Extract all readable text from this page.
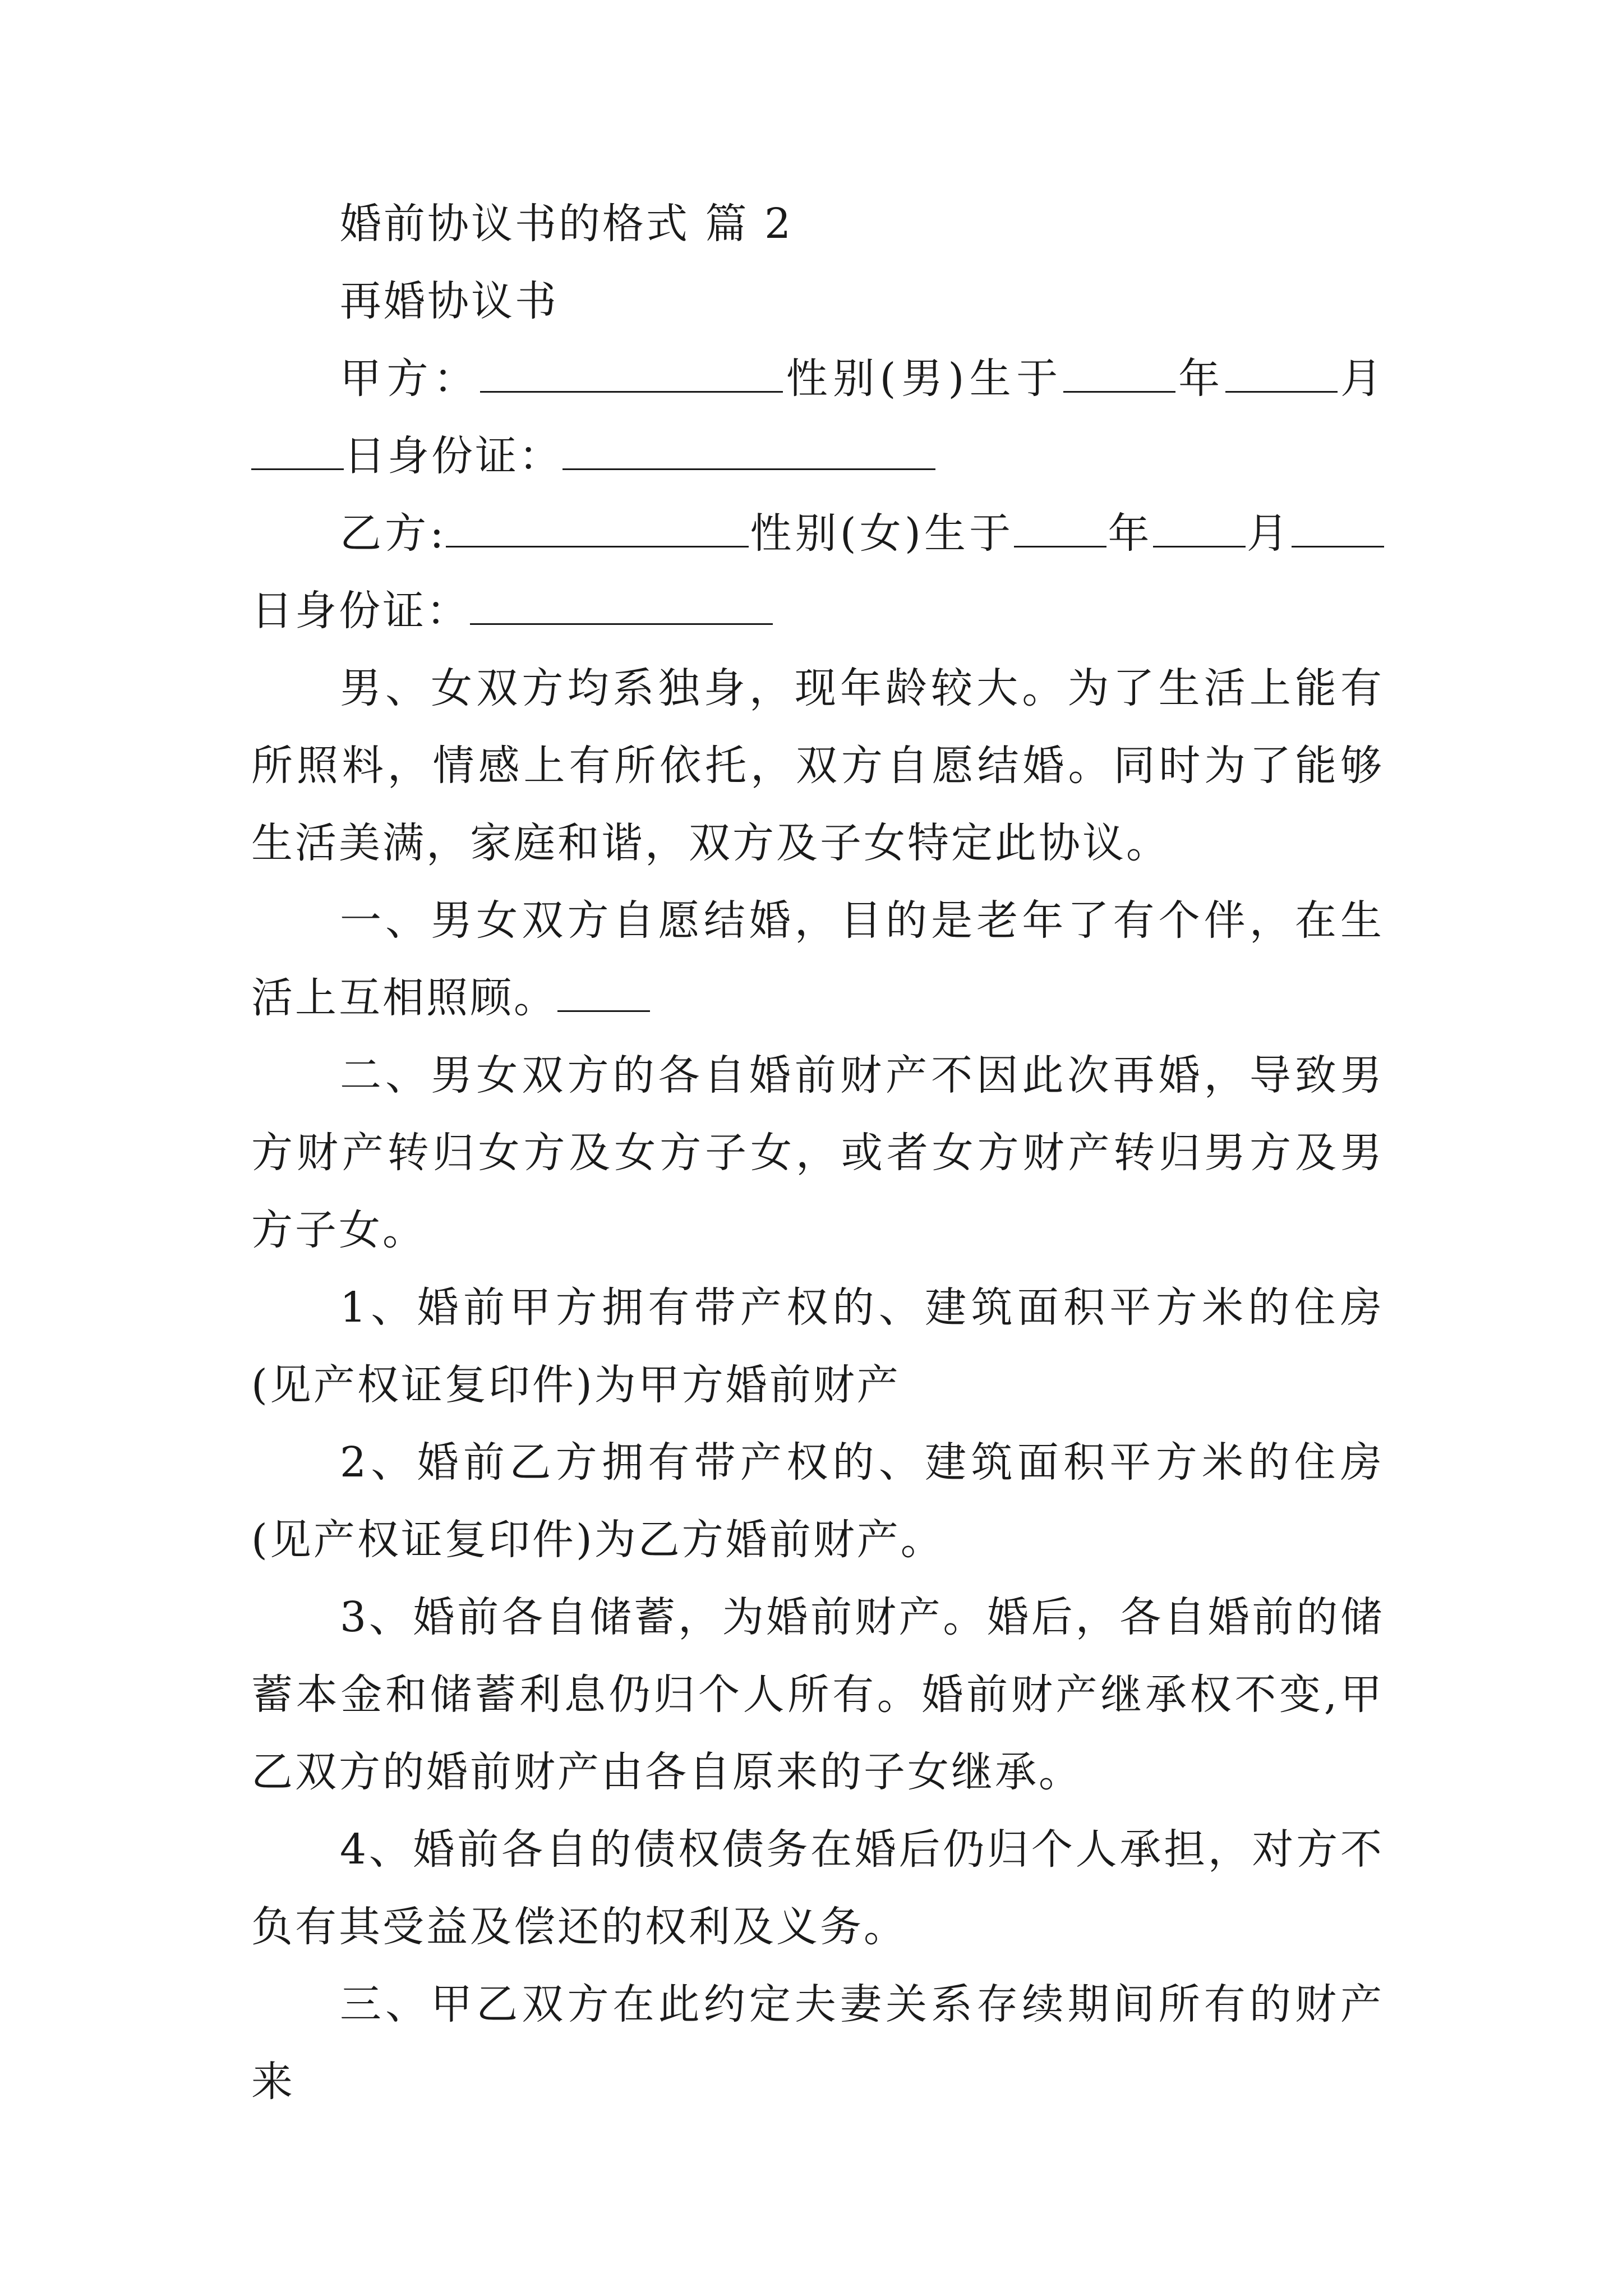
婚前协议书的格式 篇 2

再婚协议书

甲方：	性别(男)生于	年	月日身份证：

乙方:	性别(女)生于 年 月日身份证：

男、女双方均系独身，现年龄较大。为了生活上能有所照料，情感上有所依托，双方自愿结婚。同时为了能够生活美满，家庭和谐，双方及子女特定此协议。

一、男女双方自愿结婚，目的是老年了有个伴，在生活上互相照顾。

二、男女双方的各自婚前财产不因此次再婚，导致男方财产转归女方及女方子女，或者女方财产转归男方及男方子女。

1、婚前甲方拥有带产权的、建筑面积平方米的住房(见产权证复印件)为甲方婚前财产

2、婚前乙方拥有带产权的、建筑面积平方米的住房(见产权证复印件)为乙方婚前财产。

3、婚前各自储蓄，为婚前财产。婚后，各自婚前的储蓄本金和储蓄利息仍归个人所有。婚前财产继承权不变,甲乙双方的婚前财产由各自原来的子女继承。

4、婚前各自的债权债务在婚后仍归个人承担，对方不负有其受益及偿还的权利及义务。

三、甲乙双方在此约定夫妻关系存续期间所有的财产来
